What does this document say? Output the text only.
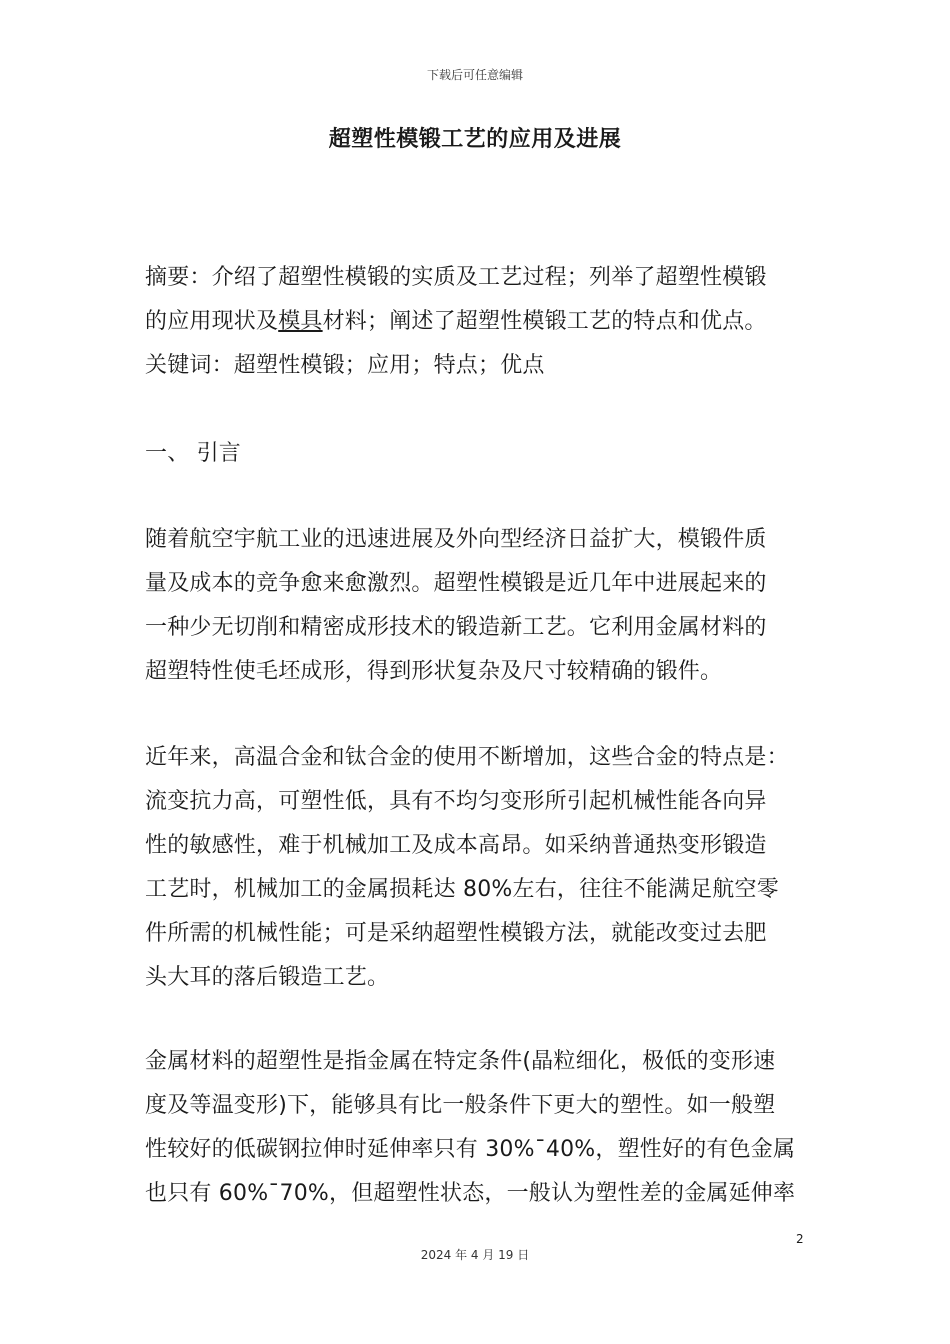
下载后可任意编辑
超塑性模锻工艺的应用及进展
摘要：介绍了超塑性模锻的实质及工艺过程；列举了超塑性模锻
的应用现状及模具材料；阐述了超塑性模锻工艺的特点和优点。
关键词：超塑性模锻；应用；特点；优点
一、 引言
随着航空宇航工业的迅速进展及外向型经济日益扩大，模锻件质
量及成本的竞争愈来愈激烈。超塑性模锻是近几年中进展起来的
一种少无切削和精密成形技术的锻造新工艺。它利用金属材料的
超塑特性使毛坯成形，得到形状复杂及尺寸较精确的锻件。
近年来，高温合金和钛合金的使用不断增加，这些合金的特点是：
流变抗力高，可塑性低，具有不均匀变形所引起机械性能各向异
性的敏感性，难于机械加工及成本高昂。如采纳普通热变形锻造
工艺时，机械加工的金属损耗达 80%左右，往往不能满足航空零
件所需的机械性能；可是采纳超塑性模锻方法，就能改变过去肥
头大耳的落后锻造工艺。
金属材料的超塑性是指金属在特定条件(晶粒细化，极低的变形速
度及等温变形)下，能够具有比一般条件下更大的塑性。如一般塑
性较好的低碳钢拉伸时延伸率只有 30%¯40%，塑性好的有色金属
也只有 60%¯70%，但超塑性状态，一般认为塑性差的金属延伸率
2
2024 年 4 月 19 日
